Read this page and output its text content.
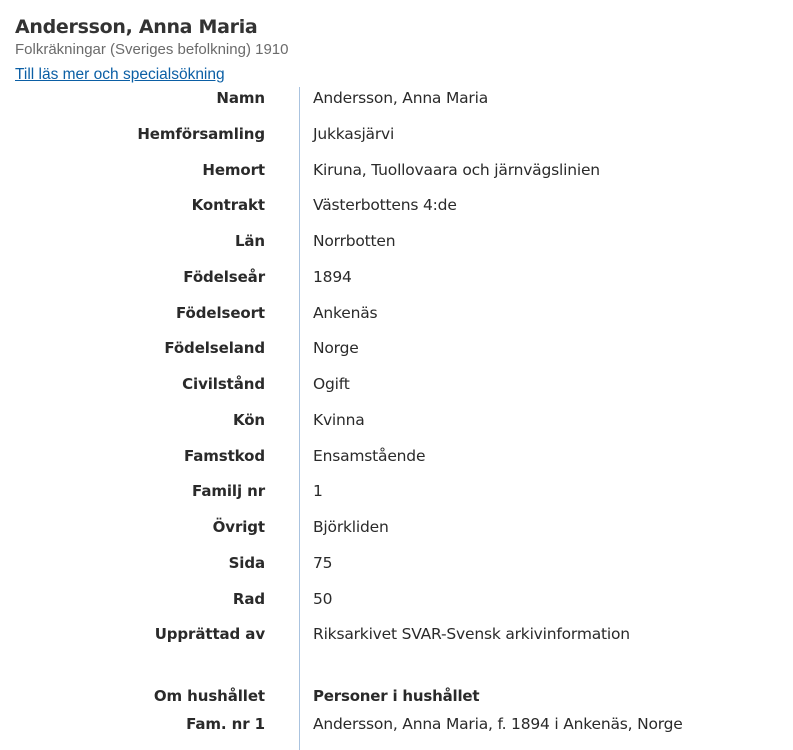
Andersson, Anna Maria
Folkräkningar (Sveriges befolkning) 1910
Till läs mer och specialsökning
Namn	Andersson, Anna Maria
Hemförsamling	Jukkasjärvi
Hemort	Kiruna, Tuollovaara och järnvägslinien
Kontrakt	Västerbottens 4:de
Län	Norrbotten
Födelseår	1894
Födelseort	Ankenäs
Födelseland	Norge
Civilstånd	Ogift
Kön	Kvinna
Famstkod	Ensamstående
Familj nr	1
Övrigt	Björkliden
Sida	75
Rad	50
Upprättad av	Riksarkivet SVAR-Svensk arkivinformation
Om hushållet	Personer i hushållet
Fam. nr 1	Andersson, Anna Maria, f. 1894 i Ankenäs, Norge
